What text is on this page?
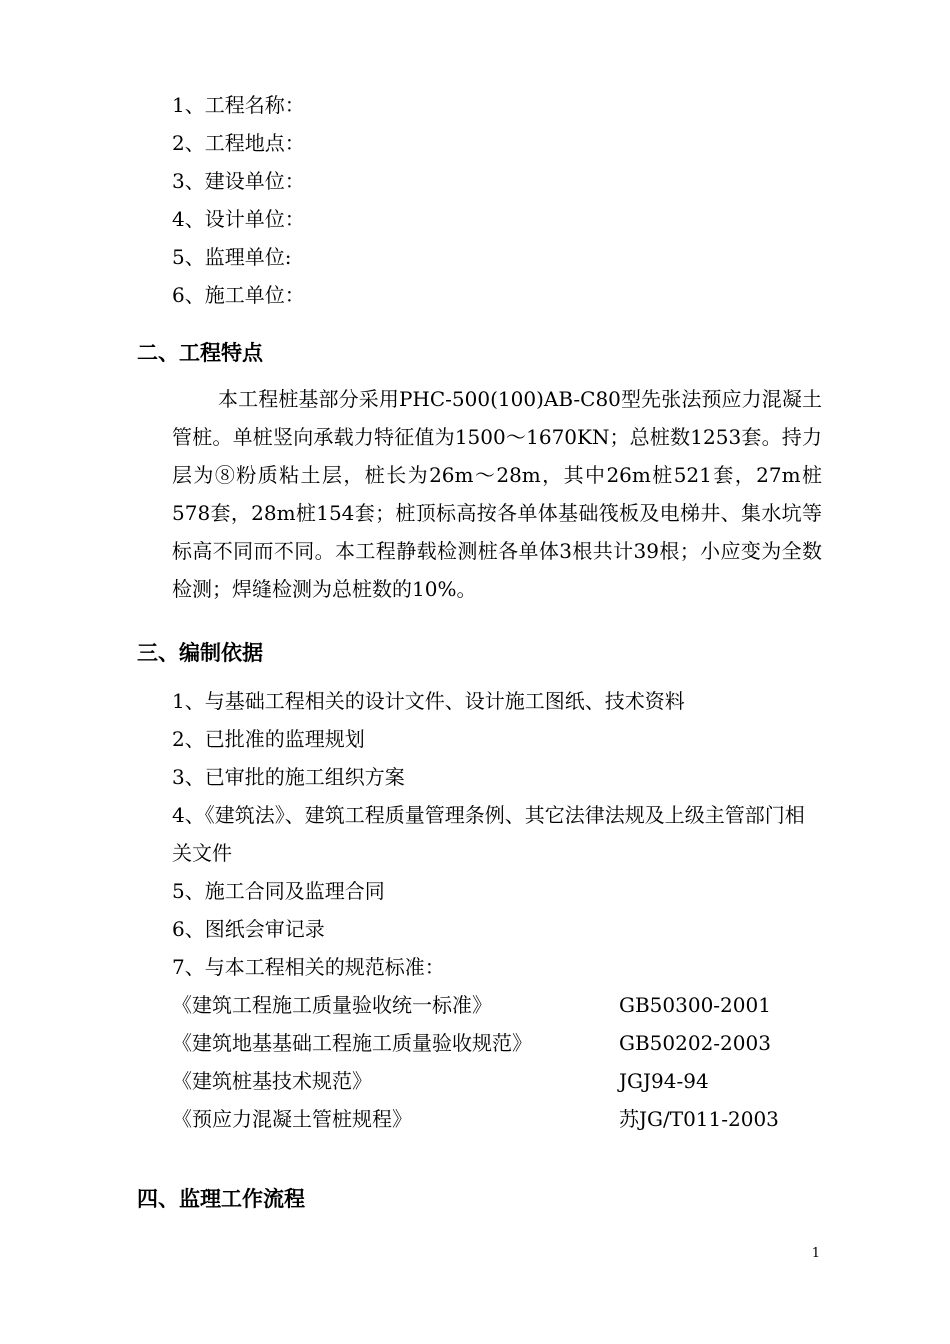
1、工程名称：
2、工程地点：
3、建设单位：
4、设计单位：
5、监理单位:
6、施工单位：
二、工程特点
本工程桩基部分采用PHC-500(100)AB-C80型先张法预应力混凝土管桩。单桩竖向承载力特征值为1500～1670KN；总桩数1253套。持力层为⑧粉质粘土层，桩长为26m～28m，其中26m桩521套，27m桩578套，28m桩154套；桩顶标高按各单体基础筏板及电梯井、集水坑等标高不同而不同。本工程静载检测桩各单体3根共计39根；小应变为全数检测；焊缝检测为总桩数的10%。
三、编制依据
1、与基础工程相关的设计文件、设计施工图纸、技术资料
2、已批准的监理规划
3、已审批的施工组织方案
4、《建筑法》、建筑工程质量管理条例、其它法律法规及上级主管部门相关文件
5、施工合同及监理合同
6、图纸会审记录
7、与本工程相关的规范标准：
《建筑工程施工质量验收统一标准》	GB50300-2001
《建筑地基基础工程施工质量验收规范》	GB50202-2003
《建筑桩基技术规范》	JGJ94-94
《预应力混凝土管桩规程》	苏JG/T011-2003
四、监理工作流程
1
